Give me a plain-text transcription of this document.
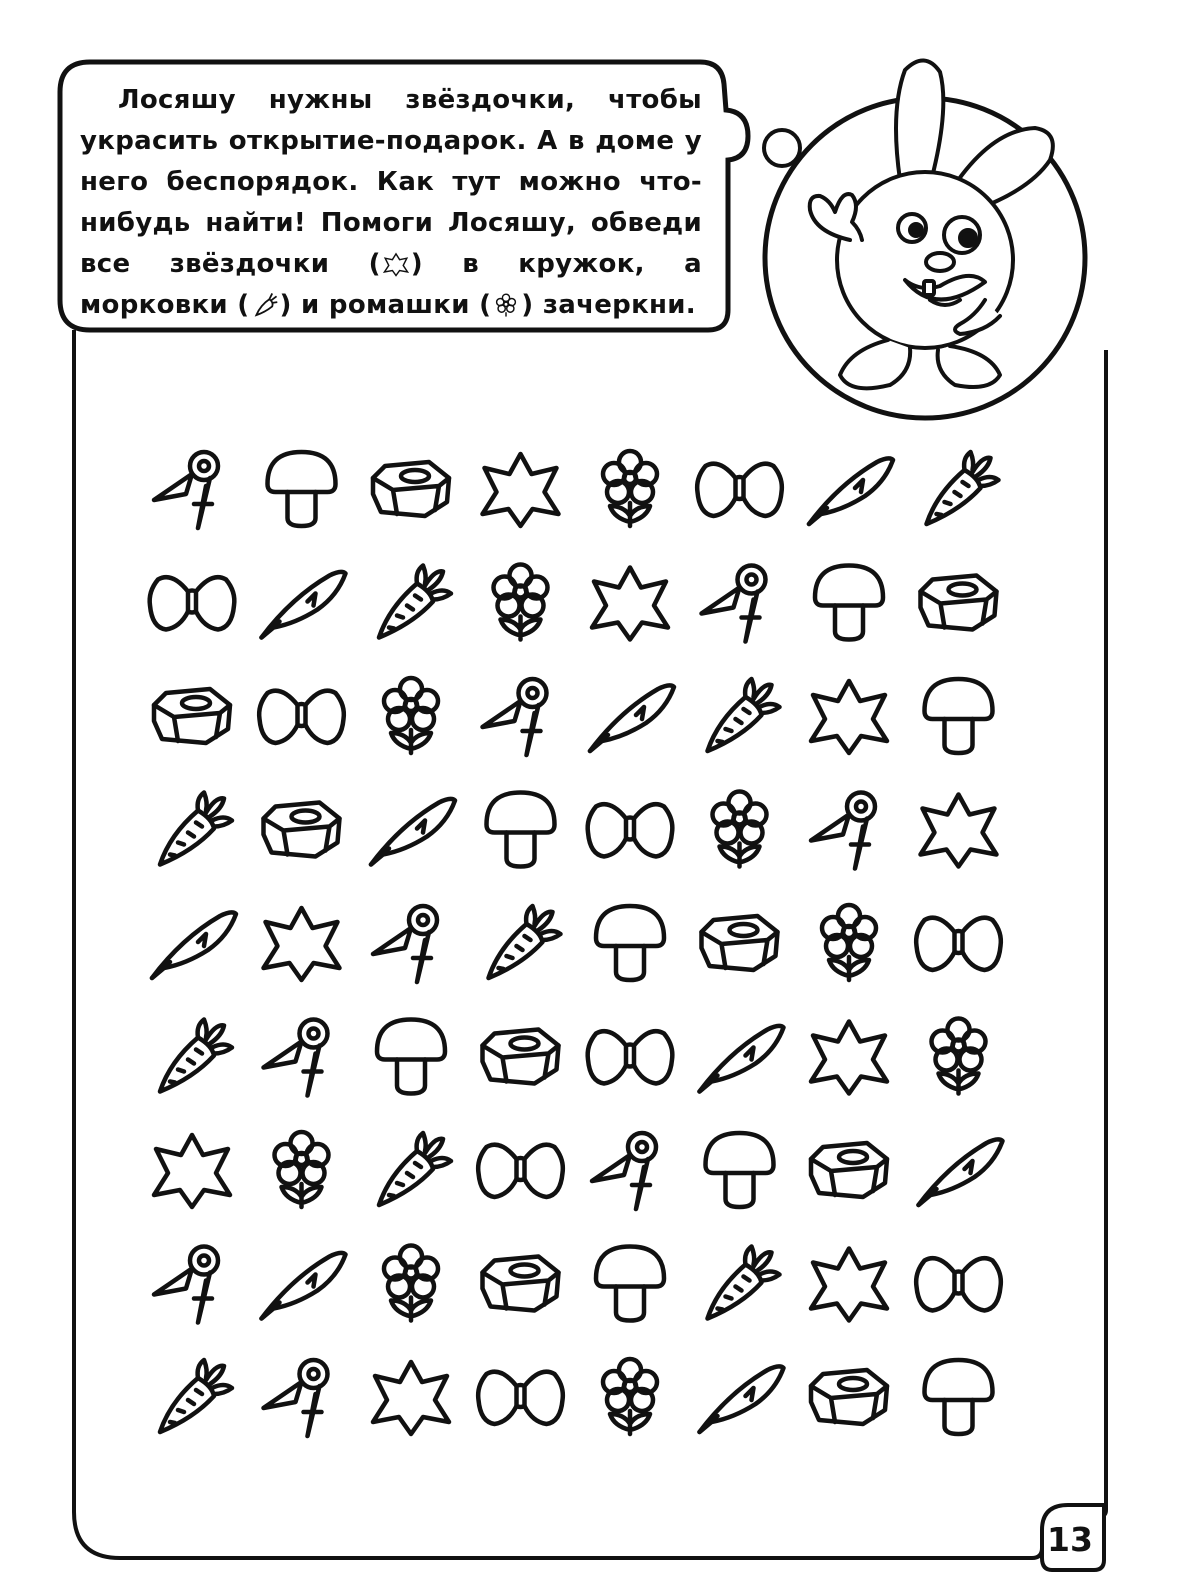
Лосяшу нужны звёздочки, чтобы украсить открытие-подарок. А в доме у него беспорядок. Как тут можно что-нибудь найти! Помоги Лосяшу, обведи все звёздочки ( ) в кружок, а морковки ( ) и ромашки ( ) зачеркни.

13
